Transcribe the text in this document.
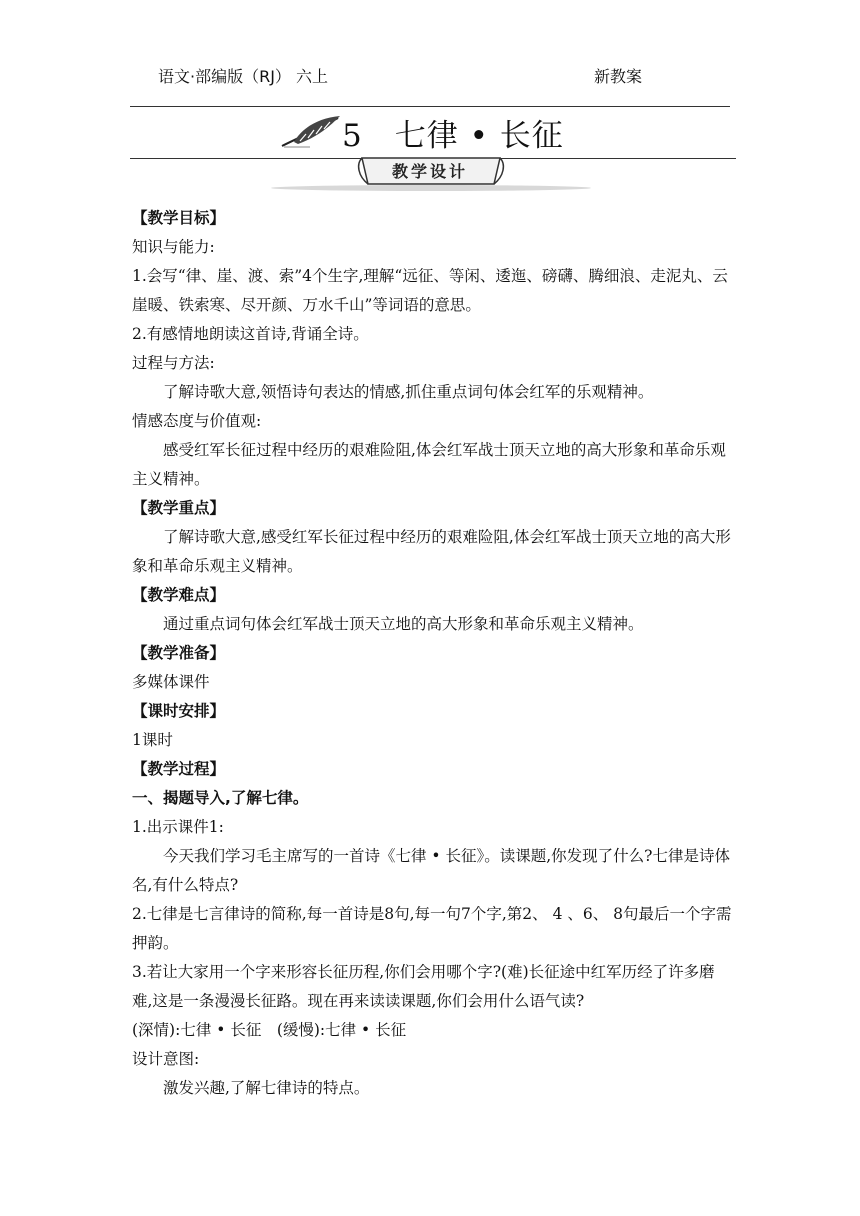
语文·部编版（RJ） 六上	新教案
5　七律 • 长征
教学设计
【教学目标】
知识与能力:
1.会写“律、崖、渡、索”4个生字,理解“远征、等闲、逶迤、磅礴、腾细浪、走泥丸、云崖暖、铁索寒、尽开颜、万水千山”等词语的意思。
2.有感情地朗读这首诗,背诵全诗。
过程与方法:
了解诗歌大意,领悟诗句表达的情感,抓住重点词句体会红军的乐观精神。
情感态度与价值观:
感受红军长征过程中经历的艰难险阻,体会红军战士顶天立地的高大形象和革命乐观主义精神。
【教学重点】
了解诗歌大意,感受红军长征过程中经历的艰难险阻,体会红军战士顶天立地的高大形象和革命乐观主义精神。
【教学难点】
通过重点词句体会红军战士顶天立地的高大形象和革命乐观主义精神。
【教学准备】
多媒体课件
【课时安排】
1课时
【教学过程】
一、揭题导入,了解七律。
1.出示课件1:
今天我们学习毛主席写的一首诗《七律 • 长征》。读课题,你发现了什么?七律是诗体名,有什么特点?
2.七律是七言律诗的简称,每一首诗是8句,每一句7个字,第2、 4 、6、 8句最后一个字需押韵。
3.若让大家用一个字来形容长征历程,你们会用哪个字?(难)长征途中红军历经了许多磨难,这是一条漫漫长征路。现在再来读读课题,你们会用什么语气读?
(深情):七律 • 长征　(缓慢):七律 • 长征
设计意图:
激发兴趣,了解七律诗的特点。
